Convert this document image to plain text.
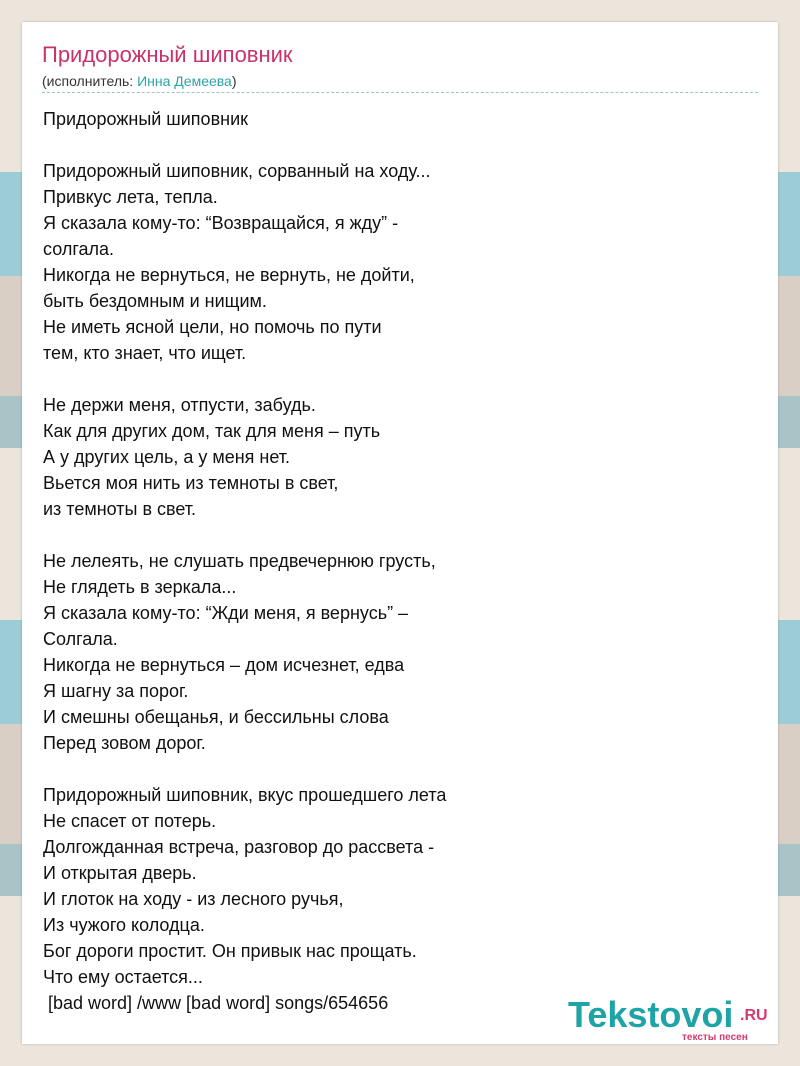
Придорожный шиповник
(исполнитель: Инна Демеева)
Придорожный шиповник
Придорожный шиповник, сорванный на ходу...
Привкус лета, тепла.
Я сказала кому-то: “Возвращайся, я жду” -
солгала.
Никогда не вернуться, не вернуть, не дойти,
быть бездомным и нищим.
Не иметь ясной цели, но помочь по пути
тем, кто знает, что ищет.
Не держи меня, отпусти, забудь.
Как для других дом, так для меня – путь
А у других цель, а у меня нет.
Вьется моя нить из темноты в свет,
из темноты в свет.
Не лелеять, не слушать предвечернюю грусть,
Не глядеть в зеркала...
Я сказала кому-то: “Жди меня, я вернусь” –
Солгала.
Никогда не вернуться – дом исчезнет, едва
Я шагну за порог.
И смешны обещанья, и бессильны слова
Перед зовом дорог.
Придорожный шиповник, вкус прошедшего лета
Не спасет от потерь.
Долгожданная встреча, разговор до рассвета -
И открытая дверь.
И глоток на ходу - из лесного ручья,
Из чужого колодца.
Бог дороги простит. Он привык нас прощать.
Что ему остается...
[bad word] /www [bad word] songs/654656	Tekstovoi .RU
тексты песен
